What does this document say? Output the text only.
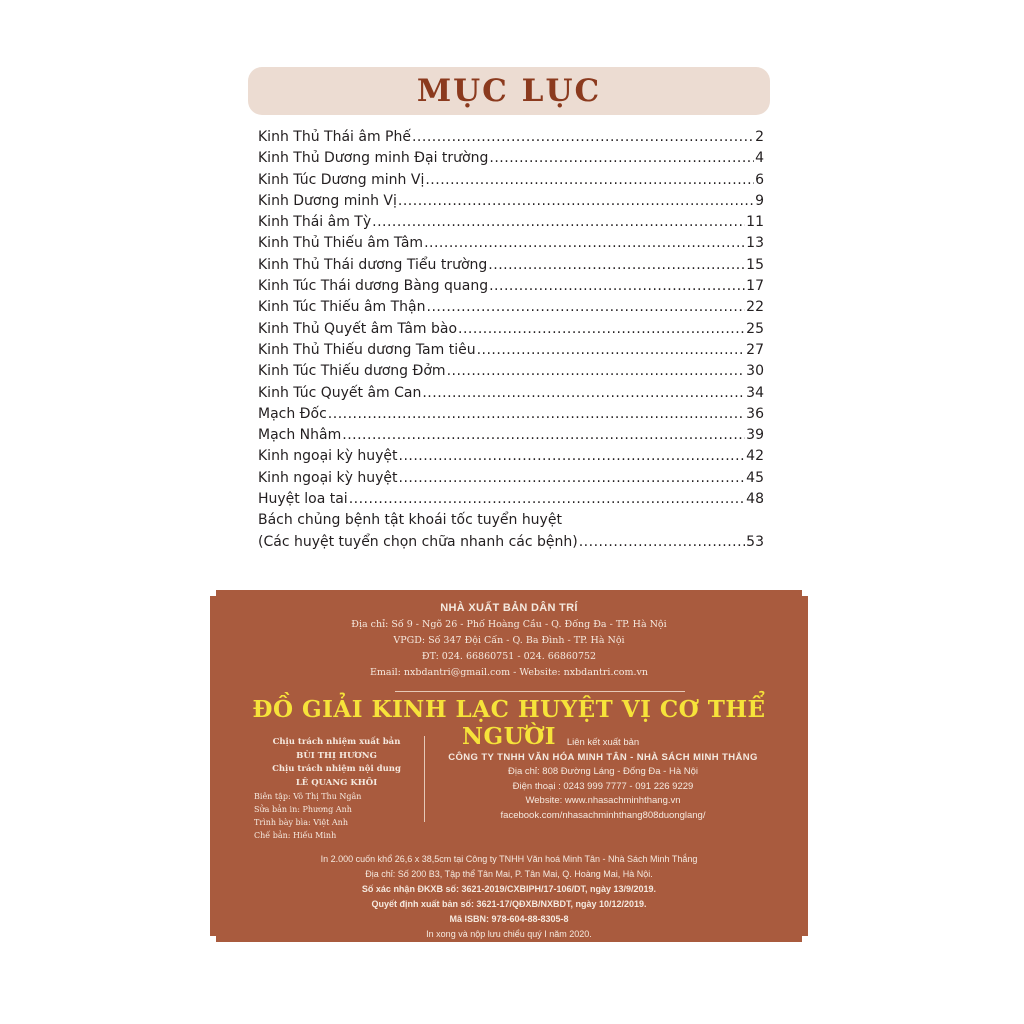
MỤC LỤC
Kinh Thủ Thái âm Phế .....	2
Kinh Thủ Dương minh Đại trường .....	4
Kinh Túc Dương minh Vị .....	6
Kinh Dương minh Vị .....	9
Kinh Thái âm Tỳ .....	11
Kinh Thủ Thiếu âm Tâm .....	13
Kinh Thủ Thái dương Tiểu trường .....	15
Kinh Túc Thái dương Bàng quang .....	17
Kinh Túc Thiếu âm Thận .....	22
Kinh Thủ Quyết âm Tâm bào .....	25
Kinh Thủ Thiếu dương Tam tiêu .....	27
Kinh Túc Thiếu dương Đởm .....	30
Kinh Túc Quyết âm Can .....	34
Mạch Đốc .....	36
Mạch Nhâm .....	39
Kinh ngoại kỳ huyệt .....	42
Kinh ngoại kỳ huyệt .....	45
Huyệt loa tai .....	48
Bách chủng bệnh tật khoái tốc tuyển huyệt
(Các huyệt tuyển chọn chữa nhanh các bệnh) .....	53
NHÀ XUẤT BẢN DÂN TRÍ
Địa chỉ: Số 9 - Ngõ 26 - Phố Hoàng Cầu - Q. Đống Đa - TP. Hà Nội
VPGD: Số 347 Đội Cấn - Q. Ba Đình - TP. Hà Nội
ĐT: 024. 66860751 - 024. 66860752
Email: nxbdantri@gmail.com - Website: nxbdantri.com.vn
ĐỒ GIẢI KINH LẠC HUYỆT VỊ CƠ THỂ NGƯỜI
Chịu trách nhiệm xuất bản
BÙI THỊ HƯƠNG
Chịu trách nhiệm nội dung
LÊ QUANG KHÔI
Biên tập: Võ Thị Thu Ngân
Sửa bản in: Phương Anh
Trình bày bìa: Việt Anh
Chế bản: Hiếu Minh
Liên kết xuất bản
CÔNG TY TNHH VĂN HÓA MINH TÂN - NHÀ SÁCH MINH THẮNG
Địa chỉ: 808 Đường Láng - Đống Đa - Hà Nội
Điện thoại : 0243 999 7777 - 091 226 9229
Website: www.nhasachminhthang.vn
facebook.com/nhasachminhthang808duonglang/
In 2.000 cuốn khổ 26,6 x 38,5cm tại Công ty TNHH Văn hoá Minh Tân - Nhà Sách Minh Thắng
Địa chỉ: Số 200 B3, Tập thể Tân Mai, P. Tân Mai, Q. Hoàng Mai, Hà Nội.
Số xác nhận ĐKXB số: 3621-2019/CXBIPH/17-106/DT, ngày 13/9/2019.
Quyết định xuất bản số: 3621-17/QĐXB/NXBDT, ngày 10/12/2019.
Mã ISBN: 978-604-88-8305-8
In xong và nộp lưu chiểu quý I năm 2020.
